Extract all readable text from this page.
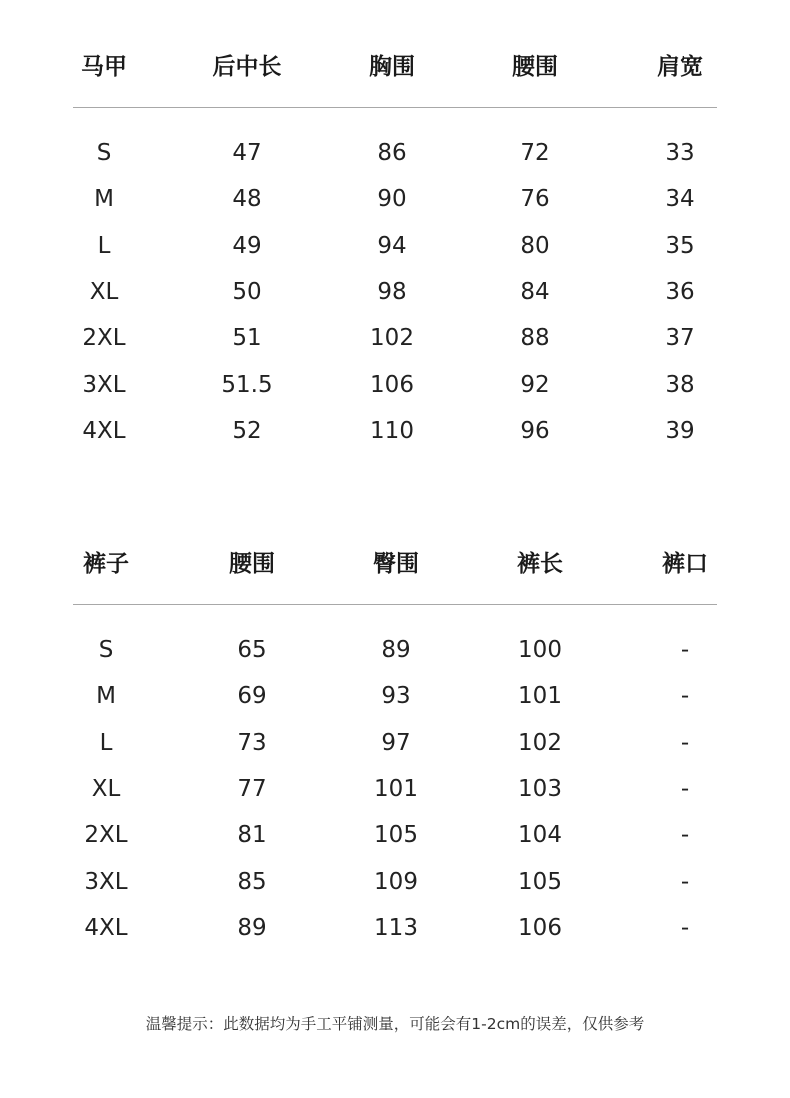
马甲	后中长	胸围	腰围	肩宽
S	47	86	72	33
M	48	90	76	34
L	49	94	80	35
XL	50	98	84	36
2XL	51	102	88	37
3XL	51.5	106	92	38
4XL	52	110	96	39
裤子	腰围	臀围	裤长	裤口
S	65	89	100	-
M	69	93	101	-
L	73	97	102	-
XL	77	101	103	-
2XL	81	105	104	-
3XL	85	109	105	-
4XL	89	113	106	-
温馨提示：此数据均为手工平铺测量，可能会有1-2cm的误差，仅供参考
